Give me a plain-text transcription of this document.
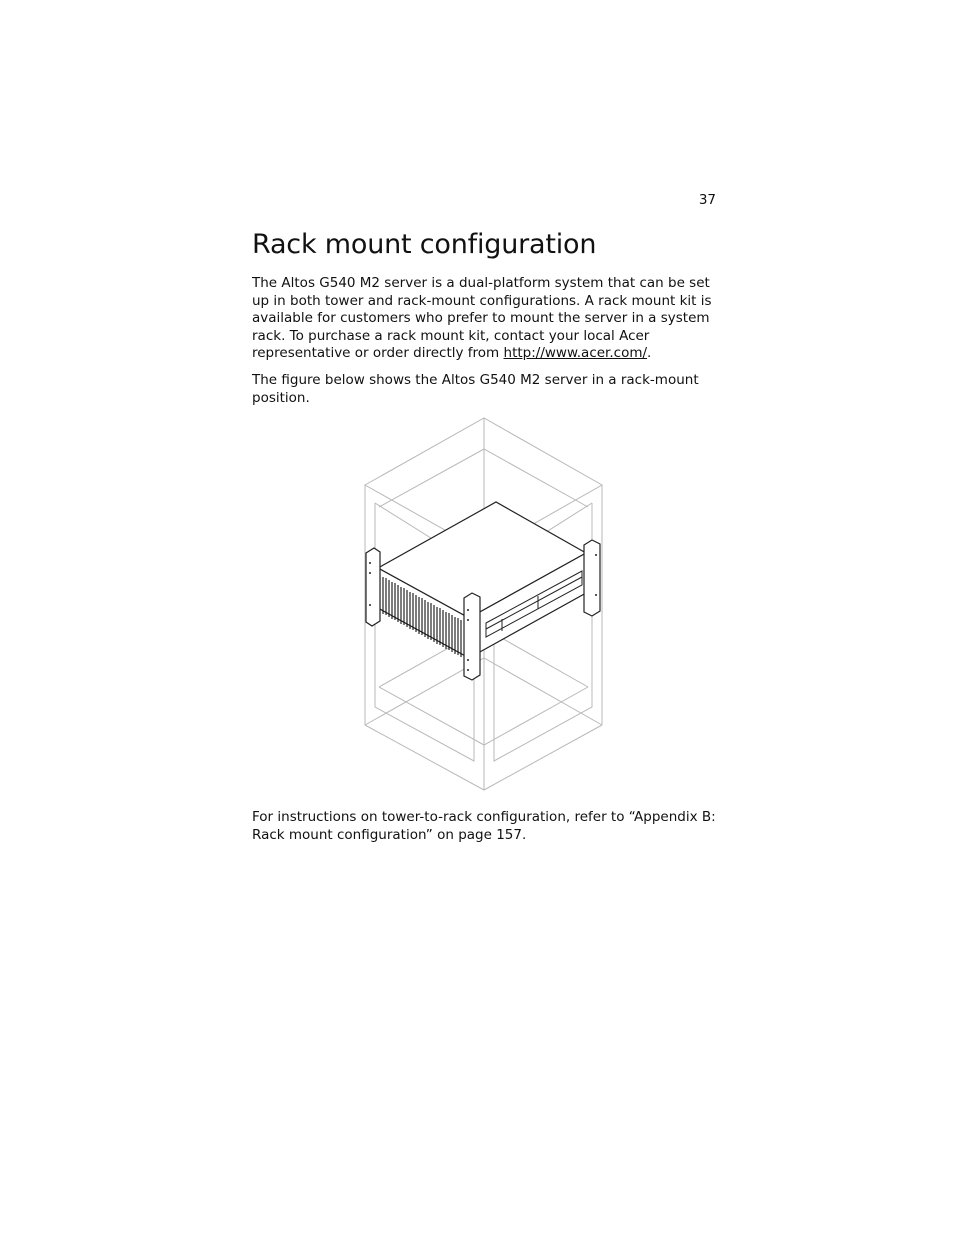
37
Rack mount configuration

The Altos G540 M2 server is a dual-platform system that can be set up in both tower and rack-mount configurations. A rack mount kit is available for customers who prefer to mount the server in a system rack. To purchase a rack mount kit, contact your local Acer representative or order directly from http://www.acer.com/.

The figure below shows the Altos G540 M2 server in a rack-mount position.

For instructions on tower-to-rack configuration, refer to “Appendix B: Rack mount configuration” on page 157.
